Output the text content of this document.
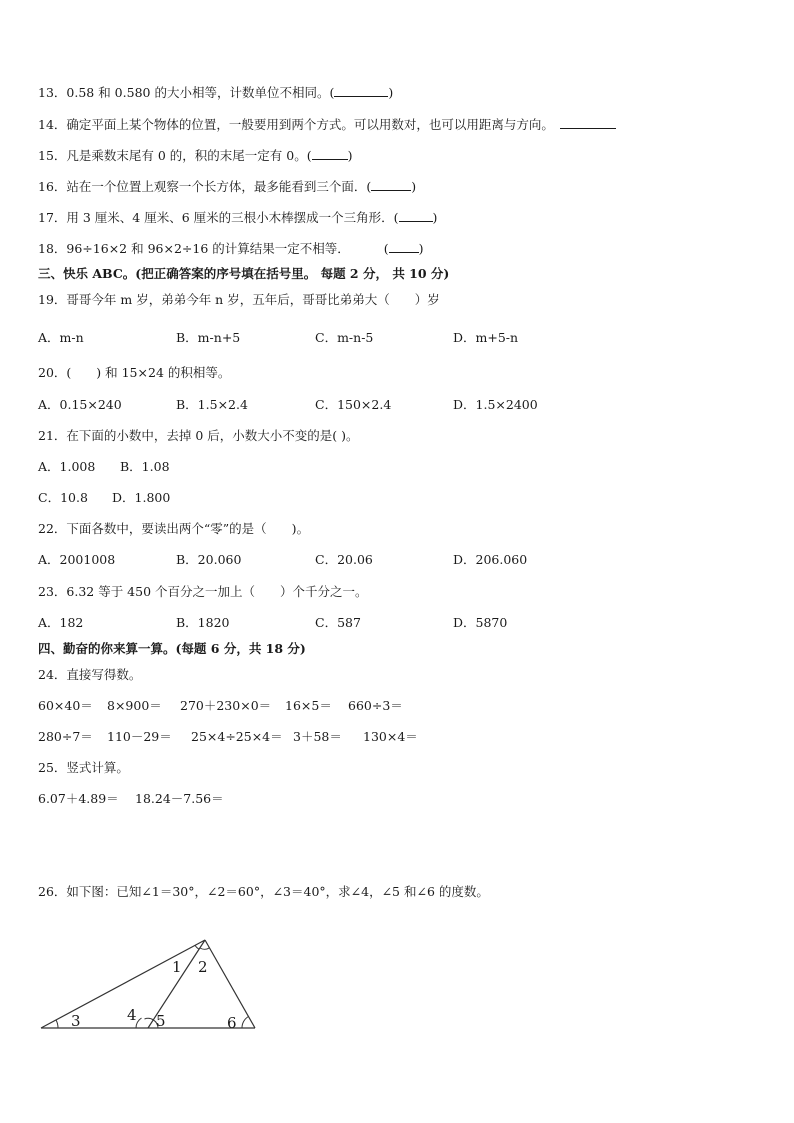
13．0.58 和 0.580 的大小相等，计数单位不相同。(	)
14．确定平面上某个物体的位置，一般要用到两个方式。可以用数对，也可以用距离与方向。
15．凡是乘数末尾有 0 的，积的末尾一定有 0。(	)
16．站在一个位置上观察一个长方体，最多能看到三个面．(	)
17．用 3 厘米、4 厘米、6 厘米的三根小木棒摆成一个三角形．(	)
18．96÷16×2 和 96×2÷16 的计算结果一定不相等．	( )
三、快乐 ABC。(把正确答案的序号填在括号里。 每题 2 分， 共 10 分)
19．哥哥今年 m 岁，弟弟今年 n 岁，五年后，哥哥比弟弟大（　　）岁
A．m-n	B．m-n+5	C．m-n-5	D．m+5-n
20．(　　) 和 15×24 的积相等。
A．0.15×240	B．1.5×2.4	C．150×2.4	D．1.5×2400
21．在下面的小数中，去掉 0 后，小数大小不变的是( )。
A．1.008 B．1.08
C．10.8 D．1.800
22．下面各数中，要读出两个“零”的是（　　)。
A．2001008	B．20.060	C．20.06	D．206.060
23．6.32 等于 450 个百分之一加上（　　）个千分之一。
A．182	B．1820	C．587	D．5870
四、勤奋的你来算一算。(每题 6 分，共 18 分)
24．直接写得数。
60×40＝ 8×900＝ 270＋230×0＝ 16×5＝ 660÷3＝
280÷7＝ 110－29＝ 25×4÷25×4＝ 3＋58＝ 130×4＝
25．竖式计算。
6.07＋4.89＝ 18.24－7.56＝
26．如下图：已知∠1＝30°，∠2＝60°，∠3＝40°，求∠4，∠5 和∠6 的度数。
1 2
3	4 5	6
